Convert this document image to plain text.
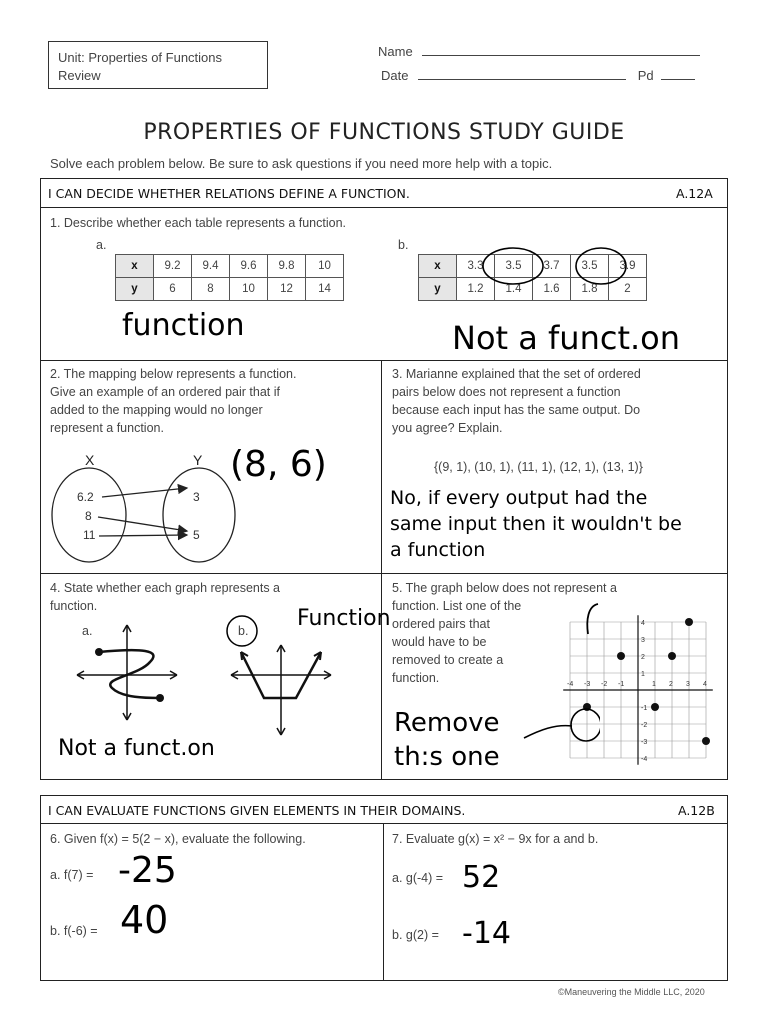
Unit: Properties of Functions
Review
Name
Date	Pd
PROPERTIES OF FUNCTIONS STUDY GUIDE
Solve each problem below. Be sure to ask questions if you need more help with a topic.
I CAN DECIDE WHETHER RELATIONS DEFINE A FUNCTION.	A.12A
1. Describe whether each table represents a function.
a.	b.
x	9.2	9.4	9.6	9.8	10
y	6	8	10	12	14
x	3.3	3.5	3.7	3.5	3.9
y	1.2	1.4	1.6	1.8	2
function	Not a funct.on
2. The mapping below represents a function.
Give an example of an ordered pair that if
added to the mapping would no longer
represent a function.
X	Y
6.2
8
11
3
5
(8, 6)
3. Marianne explained that the set of ordered
pairs below does not represent a function
because each input has the same output. Do
you agree? Explain.
{(9, 1), (10, 1), (11, 1), (12, 1), (13, 1)}
No, if every output had the
same input then it wouldn't be
a function
4. State whether each graph represents a
function.
a.	b.
Not a funct.on
Function
5. The graph below does not represent a
function. List one of the
ordered pairs that
would have to be
removed to create a
function.	-4 -3 -2 -1	1 2 3 4
4
3
2
1
-1
-2
-3
-4
Remove
th:s one
I CAN EVALUATE FUNCTIONS GIVEN ELEMENTS IN THEIR DOMAINS.	A.12B
6. Given f(x) = 5(2 − x), evaluate the following.
a. f(7) =
b. f(-6) =
-25
40
7. Evaluate g(x) = x² − 9x for a and b.
a. g(-4) =
b. g(2) =
52
-14
©Maneuvering the Middle LLC, 2020
